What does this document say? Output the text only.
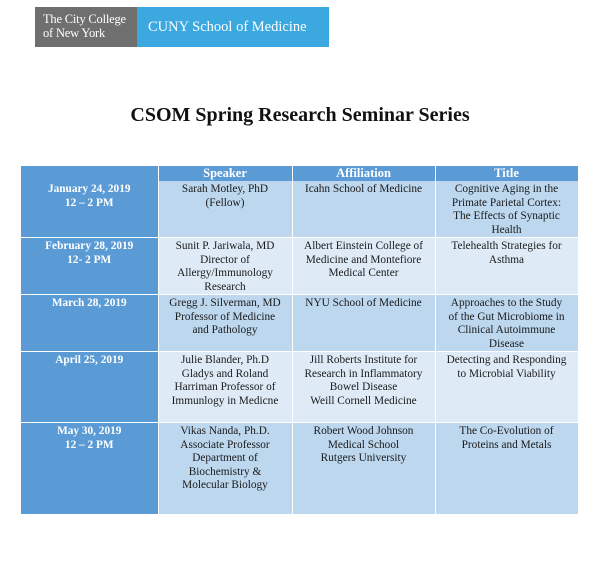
The City College
of New York	CUNY School of Medicine
CSOM Spring Research Seminar Series
	Speaker	Affiliation	Title

January 24, 2019
12 – 2 PM	Sarah Motley, PhD
(Fellow)	Icahn School of Medicine	Cognitive Aging in the
Primate Parietal Cortex:
The Effects of Synaptic
Health

February 28, 2019
12- 2 PM	Sunit P. Jariwala, MD
Director of
Allergy/Immunology
Research	Albert Einstein College of
Medicine and Montefiore
Medical Center	Telehealth Strategies for
Asthma

March 28, 2019	Gregg J. Silverman, MD
Professor of Medicine
and Pathology	NYU School of Medicine	Approaches to the Study
of the Gut Microbiome in
Clinical Autoimmune
Disease

April 25, 2019	Julie Blander, Ph.D
Gladys and Roland
Harriman Professor of
Immunlogy in Medicne	Jill Roberts Institute for
Research in Inflammatory
Bowel Disease
Weill Cornell Medicine	Detecting and Responding
to Microbial Viability

May 30, 2019
12 – 2 PM	Vikas Nanda, Ph.D.
Associate Professor
Department of
Biochemistry &
Molecular Biology	Robert Wood Johnson
Medical School
Rutgers University	The Co-Evolution of
Proteins and Metals
